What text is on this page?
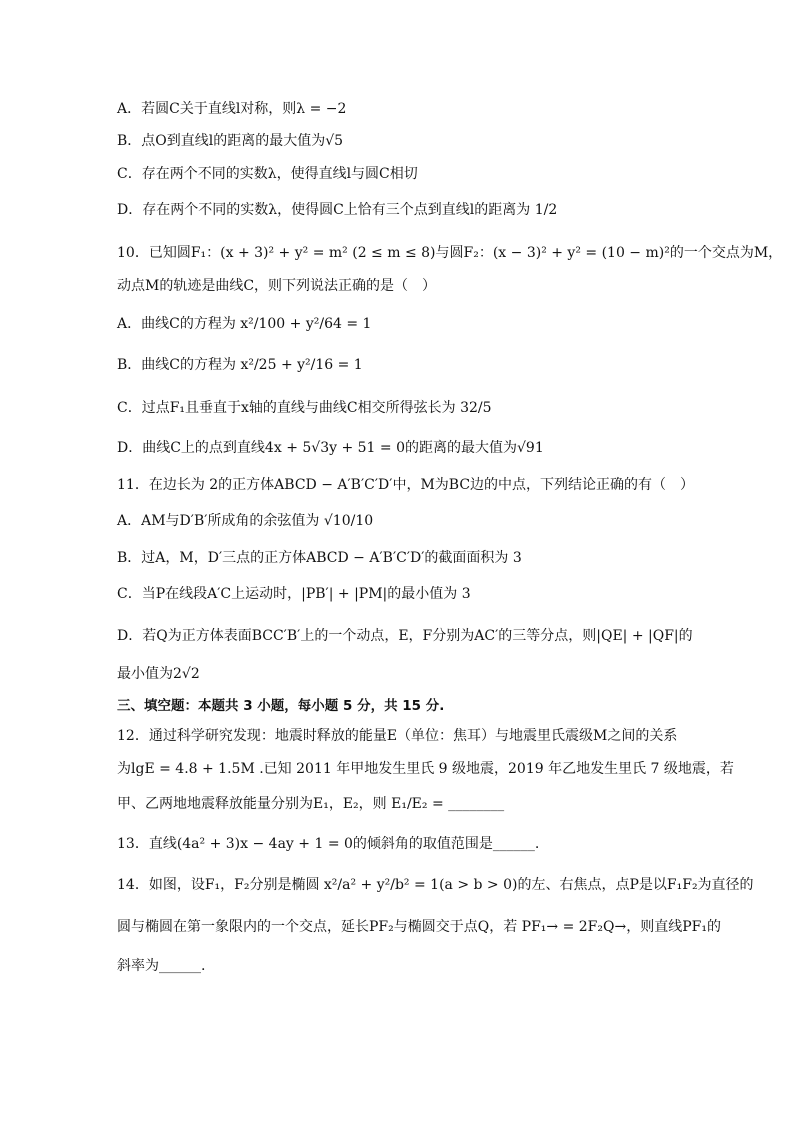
A．若圆C关于直线l对称，则λ = −2
B．点O到直线l的距离的最大值为√5
C．存在两个不同的实数λ，使得直线l与圆C相切
D．存在两个不同的实数λ，使得圆C上恰有三个点到直线l的距离为 1/2
10．已知圆F₁：(x + 3)² + y² = m² (2 ≤ m ≤ 8)与圆F₂：(x − 3)² + y² = (10 − m)²的一个交点为M，
动点M的轨迹是曲线C，则下列说法正确的是（　）
A．曲线C的方程为 x²/100 + y²/64 = 1
B．曲线C的方程为 x²/25 + y²/16 = 1
C．过点F₁且垂直于x轴的直线与曲线C相交所得弦长为 32/5
D．曲线C上的点到直线4x + 5√3y + 51 = 0的距离的最大值为√91
11．在边长为 2的正方体ABCD − A′B′C′D′中，M为BC边的中点，下列结论正确的有（　）
A．AM与D′B′所成角的余弦值为 √10/10
B．过A，M，D′三点的正方体ABCD − A′B′C′D′的截面面积为 3
C．当P在线段A′C上运动时，|PB′| + |PM|的最小值为 3
D．若Q为正方体表面BCC′B′上的一个动点，E，F分别为AC′的三等分点，则|QE| + |QF|的
最小值为2√2
三、填空题：本题共 3 小题，每小题 5 分，共 15 分.
12．通过科学研究发现：地震时释放的能量E（单位：焦耳）与地震里氏震级M之间的关系
为lgE = 4.8 + 1.5M .已知 2011 年甲地发生里氏 9 级地震，2019 年乙地发生里氏 7 级地震，若
甲、乙两地地震释放能量分别为E₁，E₂，则 E₁/E₂ = ________
13．直线(4a² + 3)x − 4ay + 1 = 0的倾斜角的取值范围是______.
14．如图，设F₁，F₂分别是椭圆 x²/a² + y²/b² = 1(a > b > 0)的左、右焦点，点P是以F₁F₂为直径的
圆与椭圆在第一象限内的一个交点，延长PF₂与椭圆交于点Q，若 PF₁→ = 2F₂Q→，则直线PF₁的
斜率为______.
